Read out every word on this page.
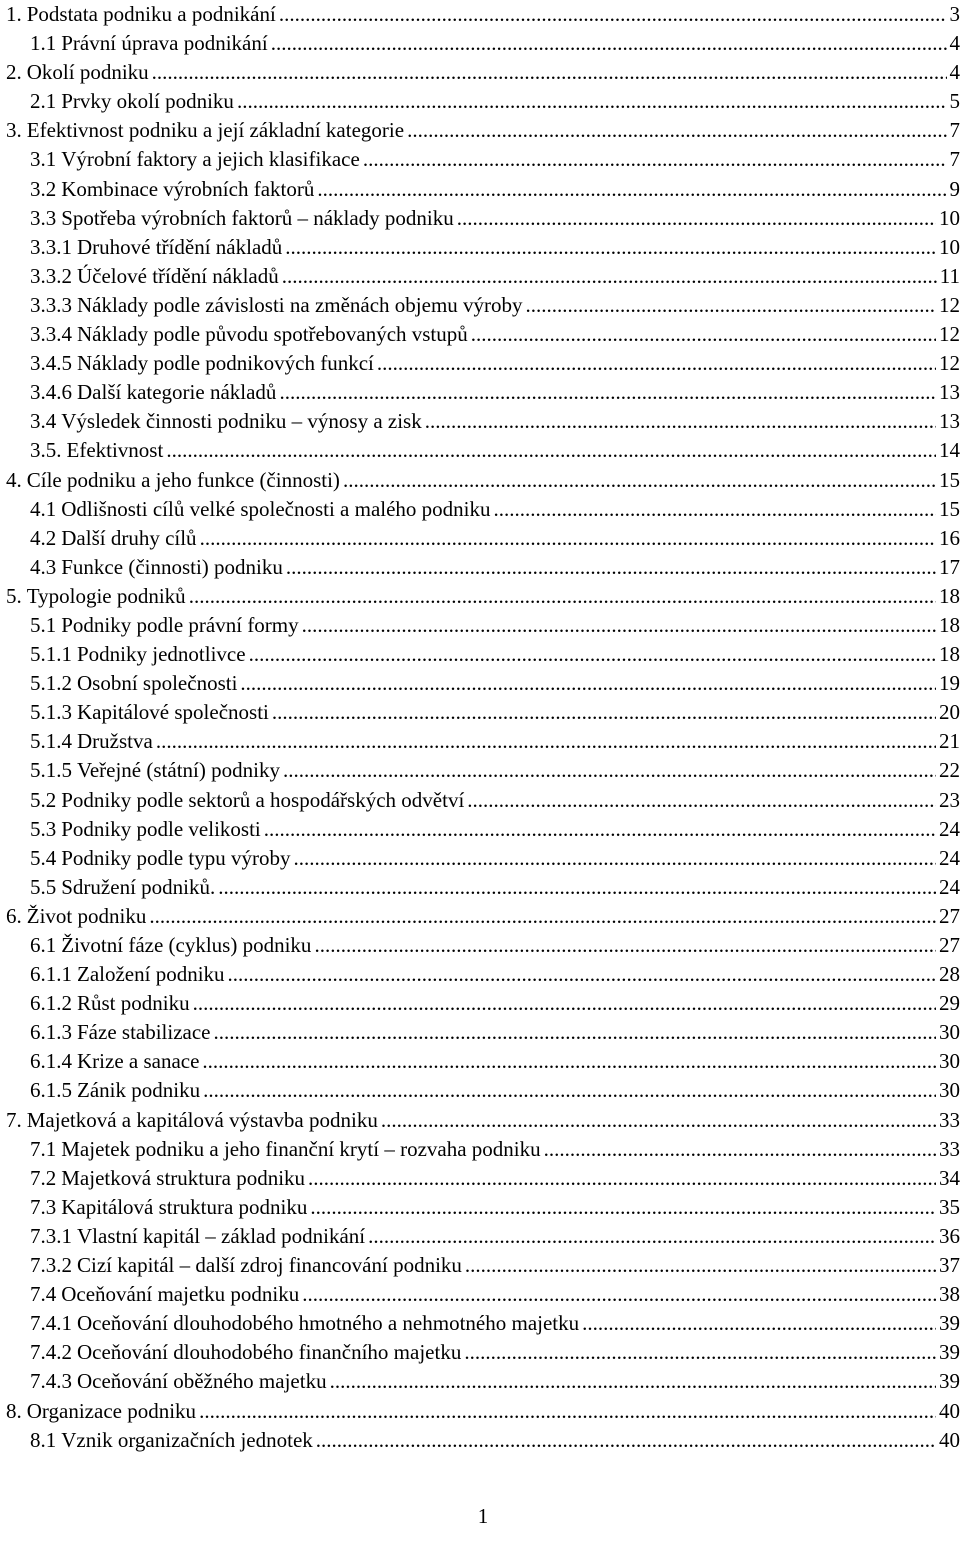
1. Podstata podniku a podnikání .....	3
1.1 Právní úprava podnikání .....	4
2. Okolí podniku .....	4
2.1 Prvky okolí podniku .....	5
3. Efektivnost podniku a její základní kategorie .....	7
3.1 Výrobní faktory a jejich klasifikace .....	7
3.2 Kombinace výrobních faktorů .....	9
3.3 Spotřeba výrobních faktorů – náklady podniku .....	10
3.3.1 Druhové třídění nákladů .....	10
3.3.2 Účelové třídění nákladů .....	11
3.3.3 Náklady podle závislosti na změnách objemu výroby .....	12
3.3.4 Náklady podle původu spotřebovaných vstupů .....	12
3.4.5 Náklady podle podnikových funkcí .....	12
3.4.6 Další kategorie nákladů .....	13
3.4 Výsledek činnosti podniku – výnosy a zisk .....	13
3.5. Efektivnost .....	14
4. Cíle podniku a jeho funkce (činnosti) .....	15
4.1 Odlišnosti cílů velké společnosti a malého podniku .....	15
4.2 Další druhy cílů .....	16
4.3 Funkce (činnosti) podniku .....	17
5. Typologie podniků .....	18
5.1 Podniky podle právní formy .....	18
5.1.1 Podniky jednotlivce .....	18
5.1.2 Osobní společnosti .....	19
5.1.3 Kapitálové společnosti .....	20
5.1.4 Družstva .....	21
5.1.5 Veřejné (státní) podniky .....	22
5.2 Podniky podle sektorů a hospodářských odvětví .....	23
5.3 Podniky podle velikosti .....	24
5.4 Podniky podle typu výroby .....	24
5.5 Sdružení podniků. .....	24
6. Život podniku .....	27
6.1 Životní fáze (cyklus) podniku .....	27
6.1.1 Založení podniku .....	28
6.1.2 Růst podniku .....	29
6.1.3 Fáze stabilizace .....	30
6.1.4 Krize a sanace .....	30
6.1.5 Zánik podniku .....	30
7. Majetková a kapitálová výstavba podniku .....	33
7.1 Majetek podniku a jeho finanční krytí – rozvaha podniku .....	33
7.2 Majetková struktura podniku .....	34
7.3 Kapitálová struktura podniku .....	35
7.3.1 Vlastní kapitál – základ podnikání .....	36
7.3.2 Cizí kapitál – další zdroj financování podniku .....	37
7.4 Oceňování majetku podniku .....	38
7.4.1 Oceňování dlouhodobého hmotného a nehmotného majetku .....	39
7.4.2 Oceňování dlouhodobého finančního majetku .....	39
7.4.3 Oceňování oběžného majetku .....	39
8. Organizace podniku .....	40
8.1 Vznik organizačních jednotek .....	40
1
